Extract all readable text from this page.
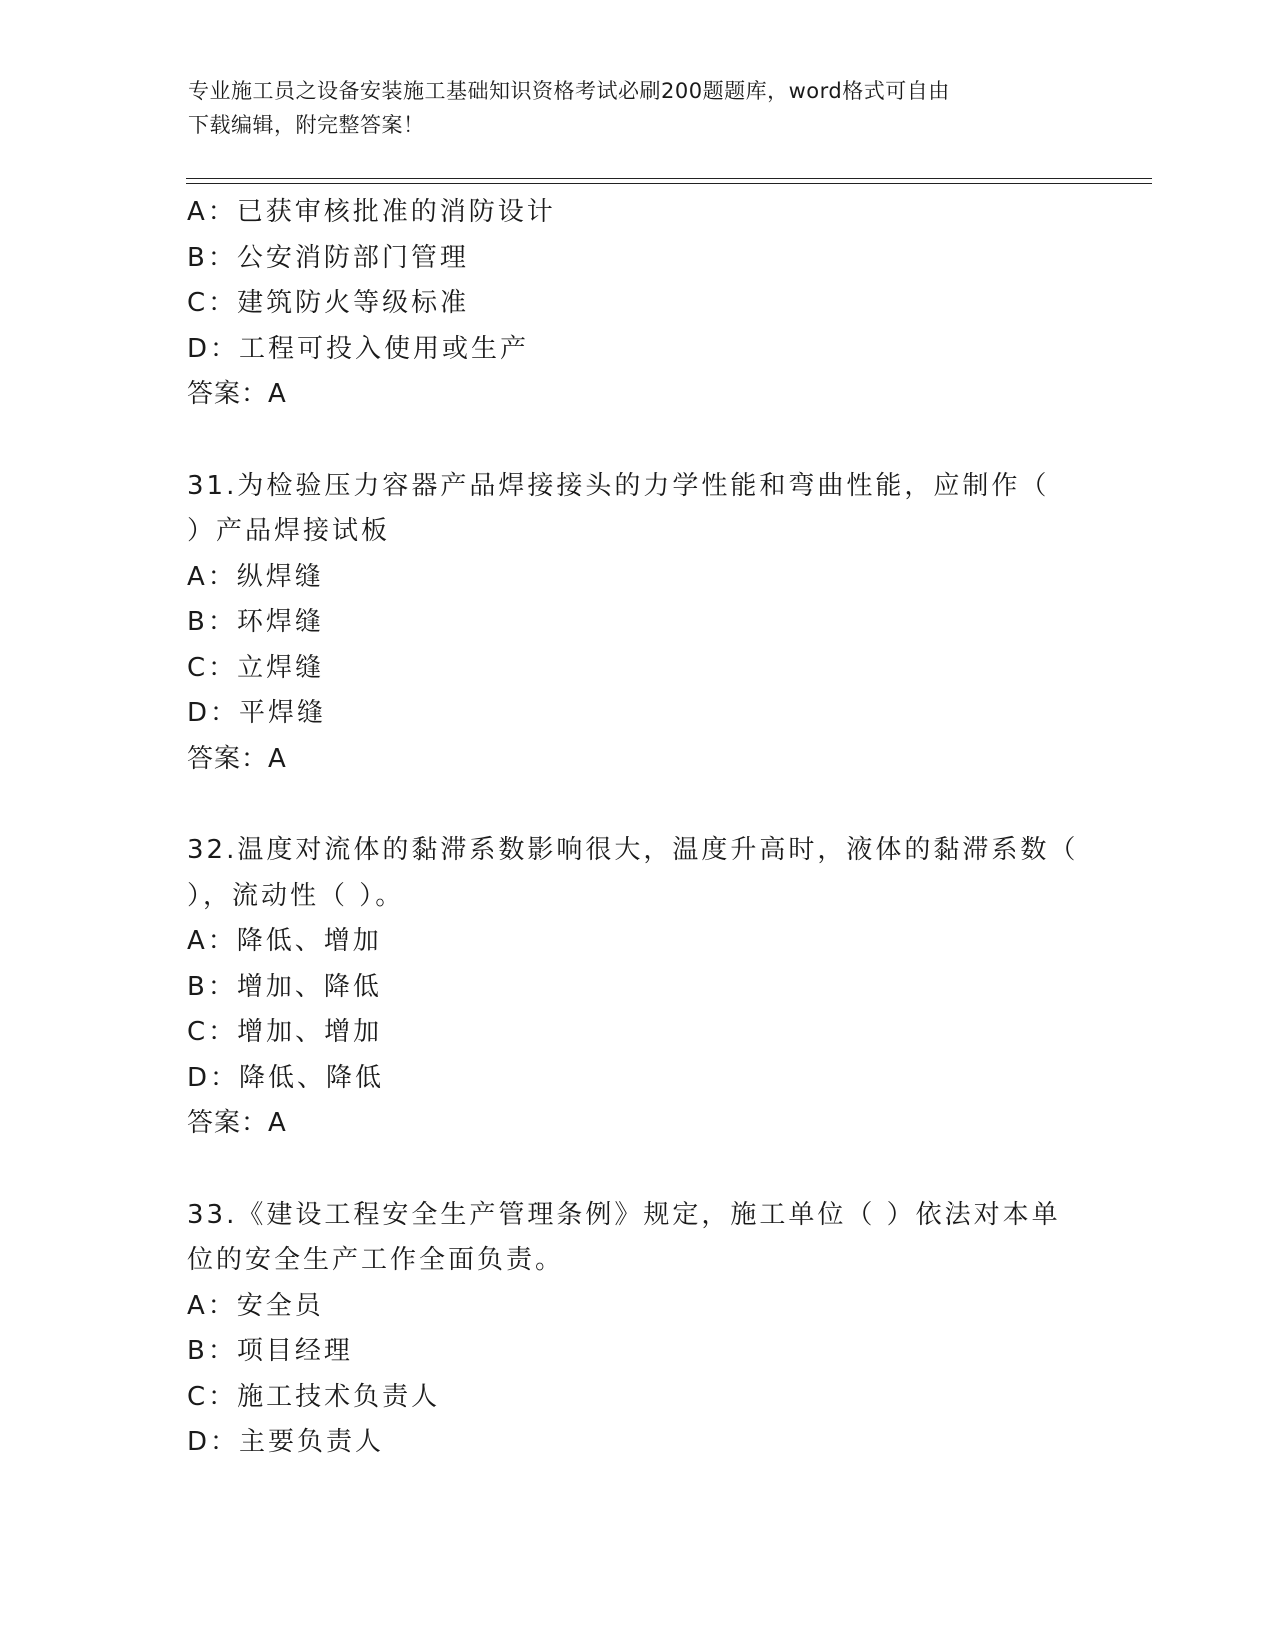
专业施工员之设备安装施工基础知识资格考试必刷200题题库，word格式可自由
下载编辑，附完整答案！
A：已获审核批准的消防设计
B：公安消防部门管理
C：建筑防火等级标准
D：工程可投入使用或生产
答案：A
31.为检验压力容器产品焊接接头的力学性能和弯曲性能，应制作（
）产品焊接试板
A：纵焊缝
B：环焊缝
C：立焊缝
D：平焊缝
答案：A
32.温度对流体的黏滞系数影响很大，温度升高时，液体的黏滞系数（
），流动性（ ）。
A：降低、增加
B：增加、降低
C：增加、增加
D：降低、降低
答案：A
33.《建设工程安全生产管理条例》规定，施工单位（ ）依法对本单
位的安全生产工作全面负责。
A：安全员
B：项目经理
C：施工技术负责人
D：主要负责人
